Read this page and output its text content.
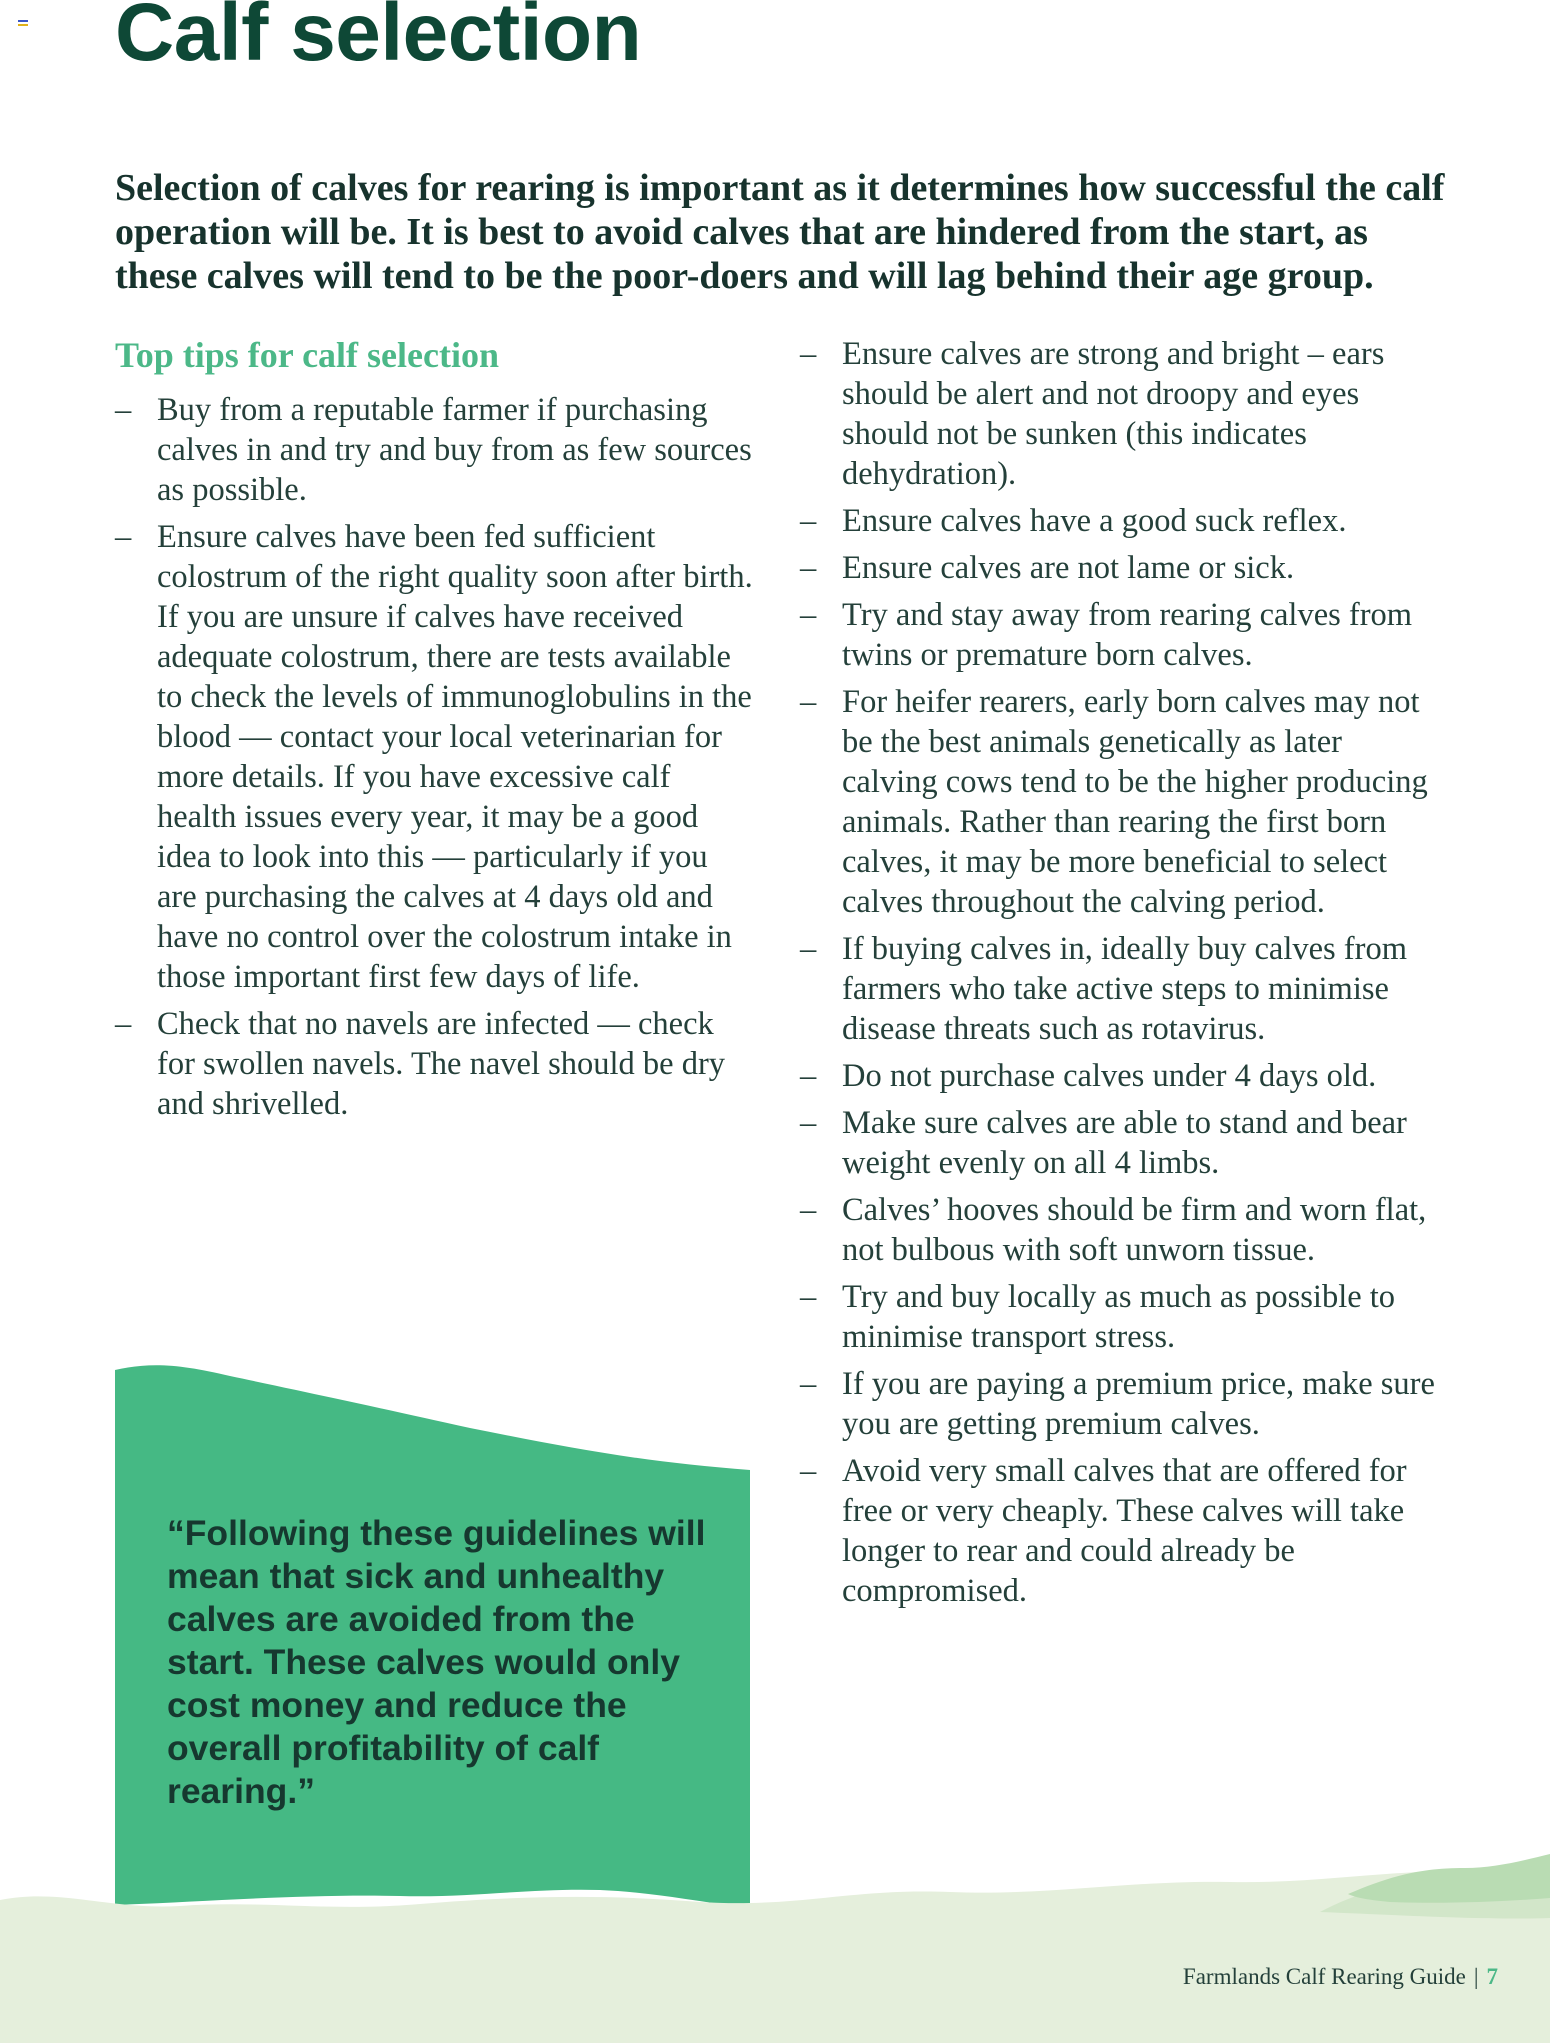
Calf selection

Selection of calves for rearing is important as it determines how successful the calf operation will be. It is best to avoid calves that are hindered from the start, as these calves will tend to be the poor-doers and will lag behind their age group.

Top tips for calf selection
– Buy from a reputable farmer if purchasing calves in and try and buy from as few sources as possible.
– Ensure calves have been fed sufficient colostrum of the right quality soon after birth. If you are unsure if calves have received adequate colostrum, there are tests available to check the levels of immunoglobulins in the blood — contact your local veterinarian for more details. If you have excessive calf health issues every year, it may be a good idea to look into this — particularly if you are purchasing the calves at 4 days old and have no control over the colostrum intake in those important first few days of life.
– Check that no navels are infected — check for swollen navels. The navel should be dry and shrivelled.
– Ensure calves are strong and bright – ears should be alert and not droopy and eyes should not be sunken (this indicates dehydration).
– Ensure calves have a good suck reflex.
– Ensure calves are not lame or sick.
– Try and stay away from rearing calves from twins or premature born calves.
– For heifer rearers, early born calves may not be the best animals genetically as later calving cows tend to be the higher producing animals. Rather than rearing the first born calves, it may be more beneficial to select calves throughout the calving period.
– If buying calves in, ideally buy calves from farmers who take active steps to minimise disease threats such as rotavirus.
– Do not purchase calves under 4 days old.
– Make sure calves are able to stand and bear weight evenly on all 4 limbs.
– Calves’ hooves should be firm and worn flat, not bulbous with soft unworn tissue.
– Try and buy locally as much as possible to minimise transport stress.
– If you are paying a premium price, make sure you are getting premium calves.
– Avoid very small calves that are offered for free or very cheaply. These calves will take longer to rear and could already be compromised.

“Following these guidelines will mean that sick and unhealthy calves are avoided from the start. These calves would only cost money and reduce the overall profitability of calf rearing.”

Farmlands Calf Rearing Guide | 7
